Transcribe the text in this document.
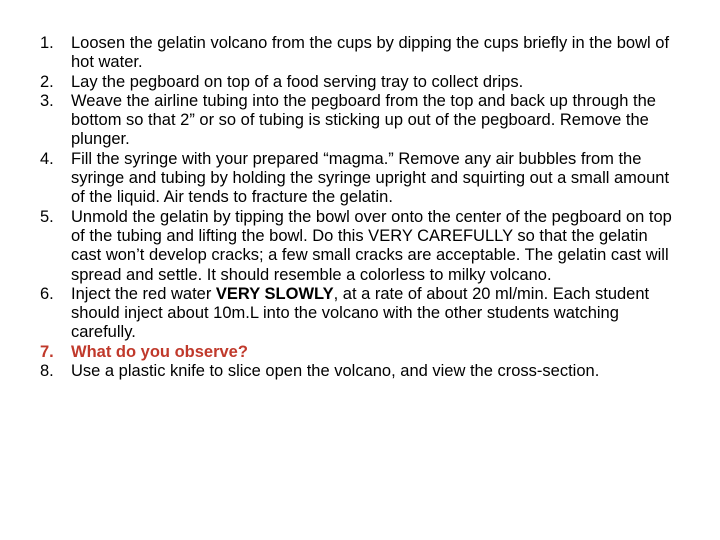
1.	Loosen the gelatin volcano from the cups by dipping the cups briefly in the bowl of hot water.
2.	Lay the pegboard on top of a food serving tray to collect drips.
3.	Weave the airline tubing into the pegboard from the top and back up through the bottom so that 2” or so of tubing is sticking up out of the pegboard. Remove the plunger.
4.	Fill the syringe with your prepared “magma.” Remove any air bubbles from the syringe and tubing by holding the syringe upright and squirting out a small amount of the liquid. Air tends to fracture the gelatin.
5.	Unmold the gelatin by tipping the bowl over onto the center of the pegboard on top of the tubing and lifting the bowl. Do this VERY CAREFULLY so that the gelatin cast won’t develop cracks; a few small cracks are acceptable. The gelatin cast will spread and settle. It should resemble a colorless to milky volcano.
6.	Inject the red water VERY SLOWLY, at a rate of about 20 ml/min. Each student should inject about 10m.L into the volcano with the other students watching carefully.
7.	What do you observe?
8.	Use a plastic knife to slice open the volcano, and view the cross-section.
